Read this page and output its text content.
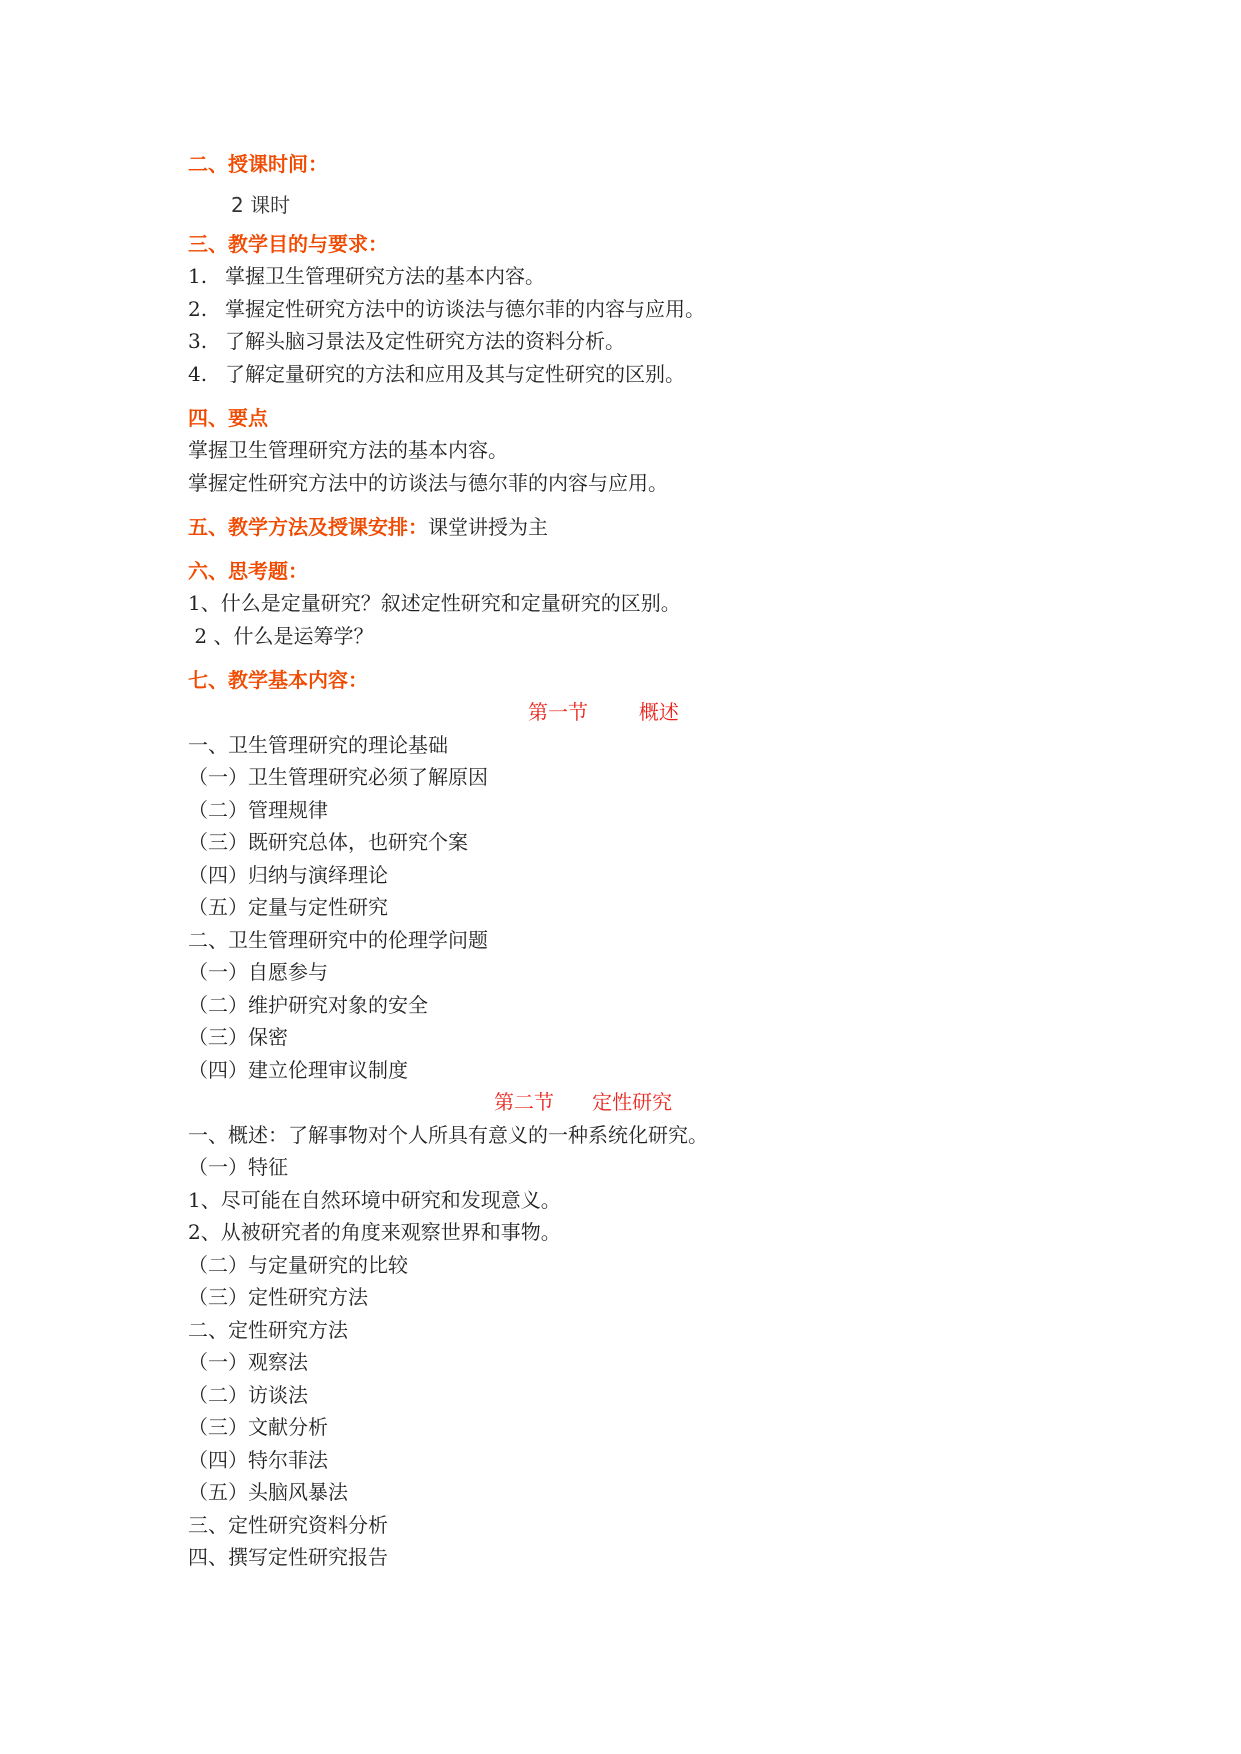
二、授课时间：
2 课时
三、教学目的与要求：
1. 掌握卫生管理研究方法的基本内容。
2. 掌握定性研究方法中的访谈法与德尔菲的内容与应用。
3. 了解头脑习景法及定性研究方法的资料分析。
4. 了解定量研究的方法和应用及其与定性研究的区别。
四、要点
掌握卫生管理研究方法的基本内容。
掌握定性研究方法中的访谈法与德尔菲的内容与应用。
五、教学方法及授课安排：课堂讲授为主
六、思考题：
1、什么是定量研究？叙述定性研究和定量研究的区别。
2 、什么是运筹学？
七、教学基本内容：
第一节        概述
一、卫生管理研究的理论基础
（一）卫生管理研究必须了解原因
（二）管理规律
（三）既研究总体，也研究个案
（四）归纳与演绎理论
（五）定量与定性研究
二、卫生管理研究中的伦理学问题
（一）自愿参与
（二）维护研究对象的安全
（三）保密
（四）建立伦理审议制度
第二节      定性研究
一、概述：了解事物对个人所具有意义的一种系统化研究。
（一）特征
1、尽可能在自然环境中研究和发现意义。
2、从被研究者的角度来观察世界和事物。
（二）与定量研究的比较
（三）定性研究方法
二、定性研究方法
（一）观察法
（二）访谈法
（三）文献分析
（四）特尔菲法
（五）头脑风暴法
三、定性研究资料分析
四、撰写定性研究报告
